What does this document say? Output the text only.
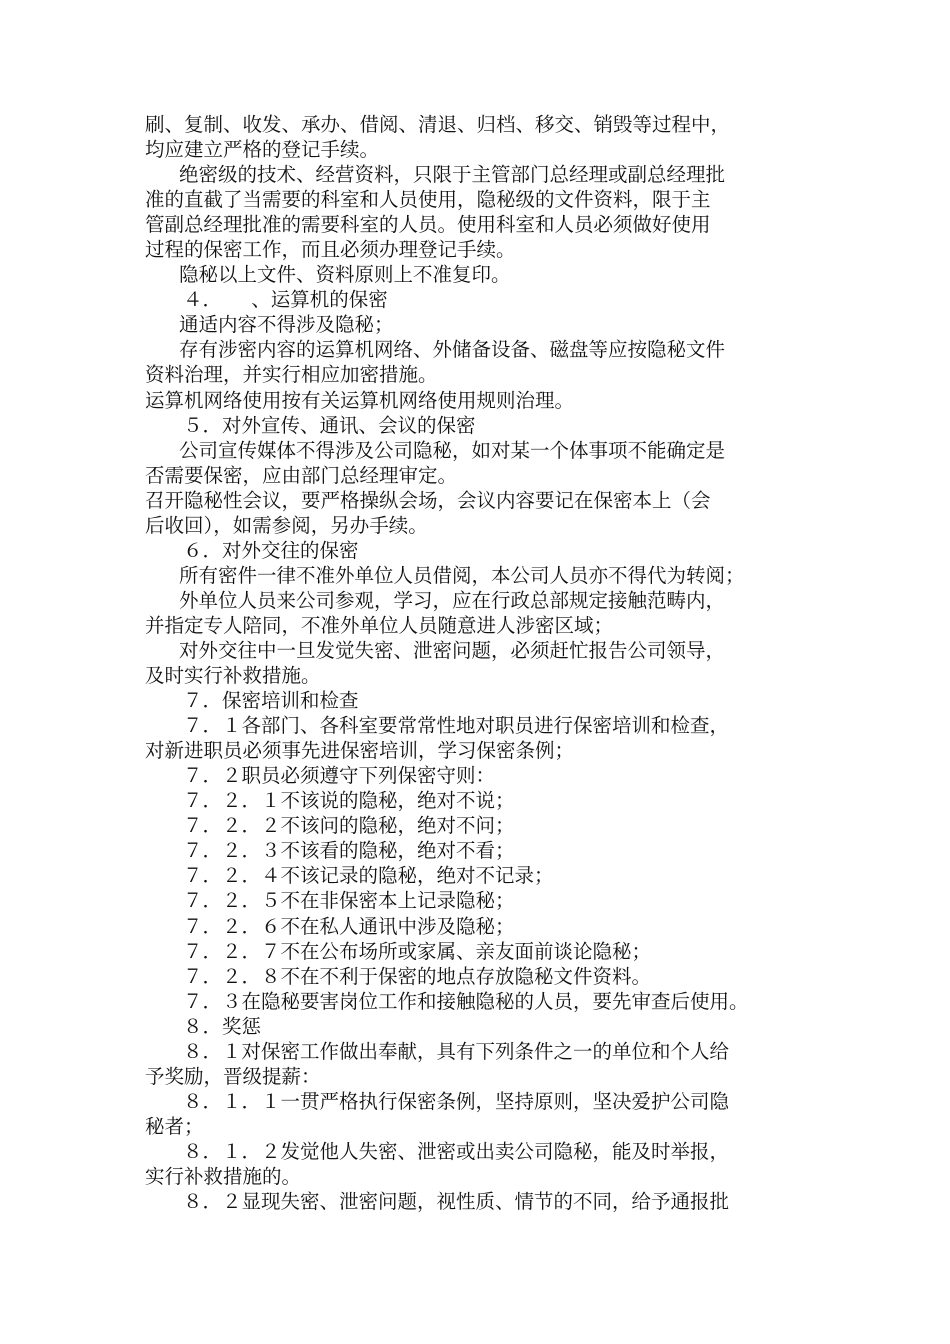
刷、复制、收发、承办、借阅、清退、归档、移交、销毁等过程中，
均应建立严格的登记手续。
绝密级的技术、经营资料，只限于主管部门总经理或副总经理批
准的直截了当需要的科室和人员使用，隐秘级的文件资料，限于主
管副总经理批准的需要科室的人员。使用科室和人员必须做好使用
过程的保密工作，而且必须办理登记手续。
隐秘以上文件、资料原则上不准复印。
４．　　、运算机的保密
通适内容不得涉及隐秘；
存有涉密内容的运算机网络、外储备设备、磁盘等应按隐秘文件
资料治理，并实行相应加密措施。
运算机网络使用按有关运算机网络使用规则治理。
５．对外宣传、通讯、会议的保密
公司宣传媒体不得涉及公司隐秘，如对某一个体事项不能确定是
否需要保密，应由部门总经理审定。
召开隐秘性会议，要严格操纵会场，会议内容要记在保密本上（会
后收回），如需参阅，另办手续。
６．对外交往的保密
所有密件一律不准外单位人员借阅，本公司人员亦不得代为转阅；
外单位人员来公司参观，学习，应在行政总部规定接触范畴内，
并指定专人陪同，不准外单位人员随意进人涉密区域；
对外交往中一旦发觉失密、泄密问题，必须赶忙报告公司领导，
及时实行补救措施。
７．保密培训和检查
７．１各部门、各科室要常常性地对职员进行保密培训和检查，
对新进职员必须事先进保密培训，学习保密条例；
７．２职员必须遵守下列保密守则：
７．２．１不该说的隐秘，绝对不说；
７．２．２不该问的隐秘，绝对不问；
７．２．３不该看的隐秘，绝对不看；
７．２．４不该记录的隐秘，绝对不记录；
７．２．５不在非保密本上记录隐秘；
７．２．６不在私人通讯中涉及隐秘；
７．２．７不在公布场所或家属、亲友面前谈论隐秘；
７．２．８不在不利于保密的地点存放隐秘文件资料。
７．３在隐秘要害岗位工作和接触隐秘的人员，要先审查后使用。
８．奖惩
８．１对保密工作做出奉献，具有下列条件之一的单位和个人给
予奖励，晋级提薪：
８．１．１一贯严格执行保密条例，坚持原则，坚决爱护公司隐
秘者；
８．１．２发觉他人失密、泄密或出卖公司隐秘，能及时举报，
实行补救措施的。
８．２显现失密、泄密问题，视性质、情节的不同，给予通报批
